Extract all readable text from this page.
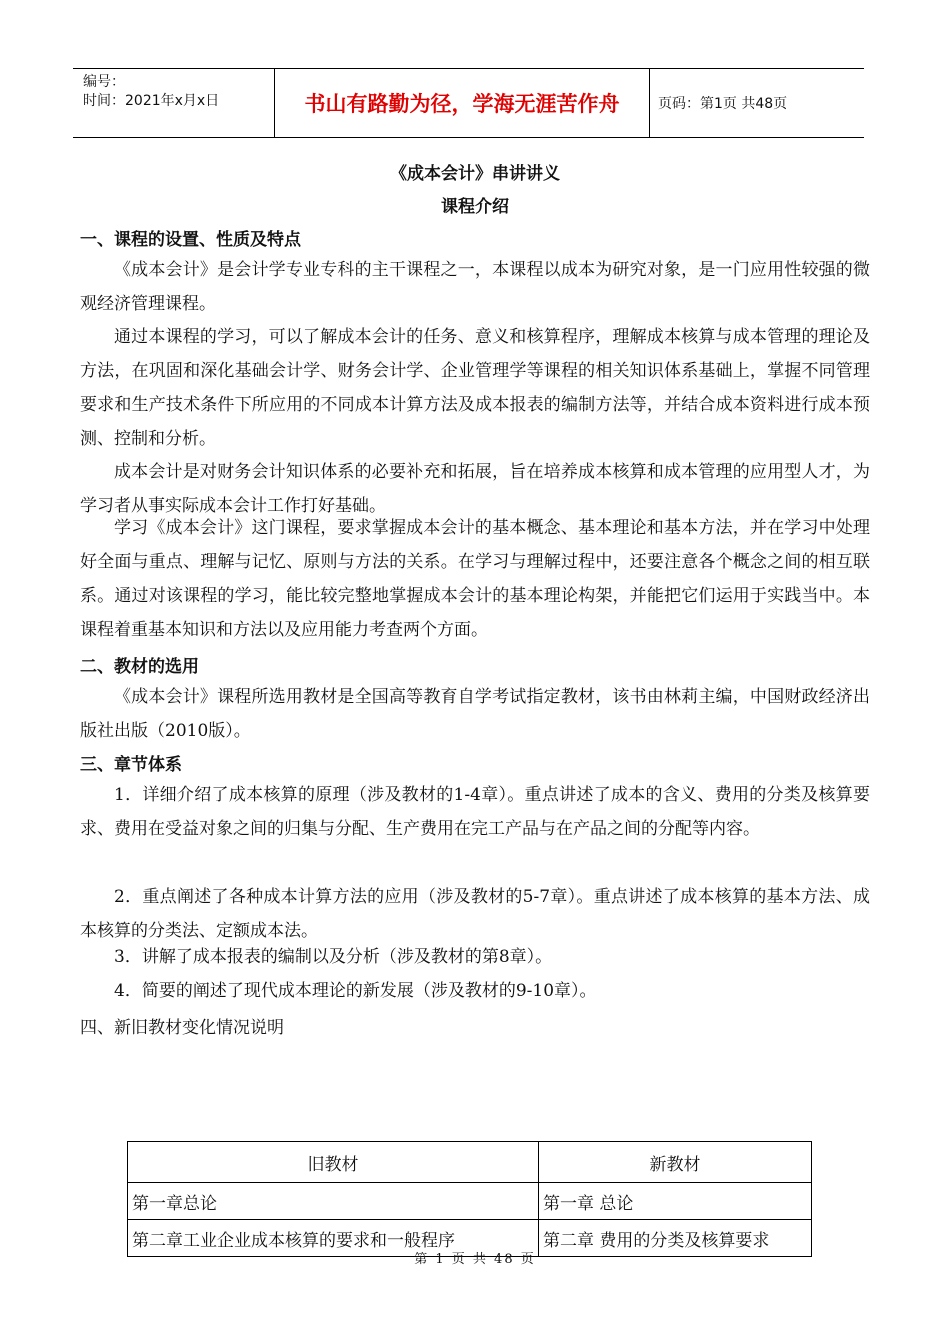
编号：
时间：2021年x月x日	书山有路勤为径，学海无涯苦作舟	页码：第1页 共48页
《成本会计》串讲讲义
课程介绍
一、课程的设置、性质及特点

《成本会计》是会计学专业专科的主干课程之一，本课程以成本为研究对象，是一门应用性较强的微观经济管理课程。

通过本课程的学习，可以了解成本会计的任务、意义和核算程序，理解成本核算与成本管理的理论及方法，在巩固和深化基础会计学、财务会计学、企业管理学等课程的相关知识体系基础上，掌握不同管理要求和生产技术条件下所应用的不同成本计算方法及成本报表的编制方法等，并结合成本资料进行成本预测、控制和分析。

成本会计是对财务会计知识体系的必要补充和拓展，旨在培养成本核算和成本管理的应用型人才，为学习者从事实际成本会计工作打好基础。

学习《成本会计》这门课程，要求掌握成本会计的基本概念、基本理论和基本方法，并在学习中处理好全面与重点、理解与记忆、原则与方法的关系。在学习与理解过程中，还要注意各个概念之间的相互联系。通过对该课程的学习，能比较完整地掌握成本会计的基本理论构架，并能把它们运用于实践当中。本课程着重基本知识和方法以及应用能力考查两个方面。

二、教材的选用

《成本会计》课程所选用教材是全国高等教育自学考试指定教材，该书由林莉主编，中国财政经济出版社出版（2010版）。

三、章节体系

1．详细介绍了成本核算的原理（涉及教材的1-4章）。重点讲述了成本的含义、费用的分类及核算要求、费用在受益对象之间的归集与分配、生产费用在完工产品与在产品之间的分配等内容。

2．重点阐述了各种成本计算方法的应用（涉及教材的5-7章）。重点讲述了成本核算的基本方法、成本核算的分类法、定额成本法。

3．讲解了成本报表的编制以及分析（涉及教材的第8章）。

4．简要的阐述了现代成本理论的新发展（涉及教材的9-10章）。

四、新旧教材变化情况说明
旧教材	新教材
第一章总论	第一章 总论
第二章工业企业成本核算的要求和一般程序	第二章 费用的分类及核算要求
第 1 页 共 48 页
